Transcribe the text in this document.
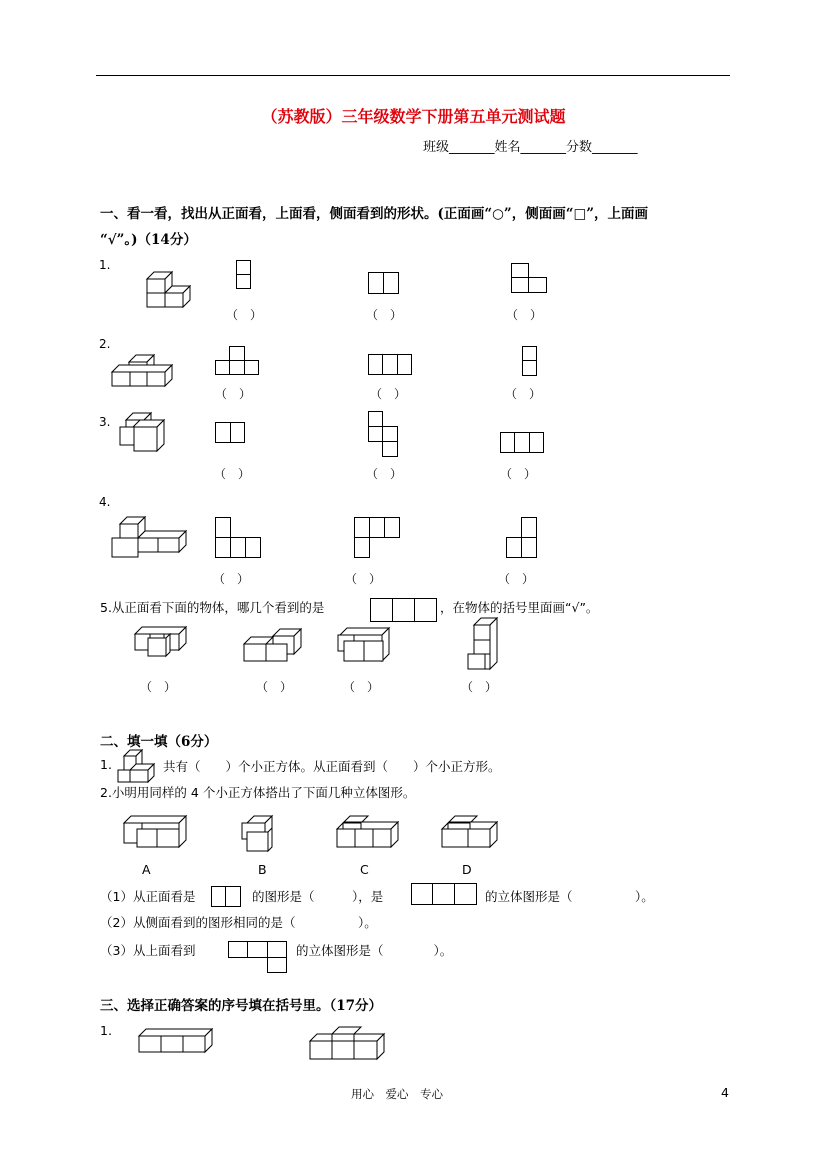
（苏教版）三年级数学下册第五单元测试题
班级_______姓名_______分数_______
一、看一看，找出从正面看，上面看，侧面看到的形状。(正面画“○”，侧面画“□”，上面画
“√”。)（14分）
1.
2.
3.
4.
（　）	（　）	（　）
（　）	（　）	（　）
（　）	（　）	（　）
（　）	（　）	（　）
5.从正面看下面的物体，哪几个看到的是	，在物体的括号里面画“√”。
（　）	（　）	（　）	（　）
二、填一填（6分）
1.	共有（　　）个小正方体。从正面看到（　　）个小正方形。
2.小明用同样的 4 个小正方体搭出了下面几种立体图形。
A	B	C	D
（1）从正面看是	的图形是（　　　），是	的立体图形是（　　　　　）。
（2）从侧面看到的图形相同的是（　　　　　）。
（3）从上面看到	的立体图形是（　　　　）。
三、选择正确答案的序号填在括号里。（17分）
1.
用心　爱心　专心	4
